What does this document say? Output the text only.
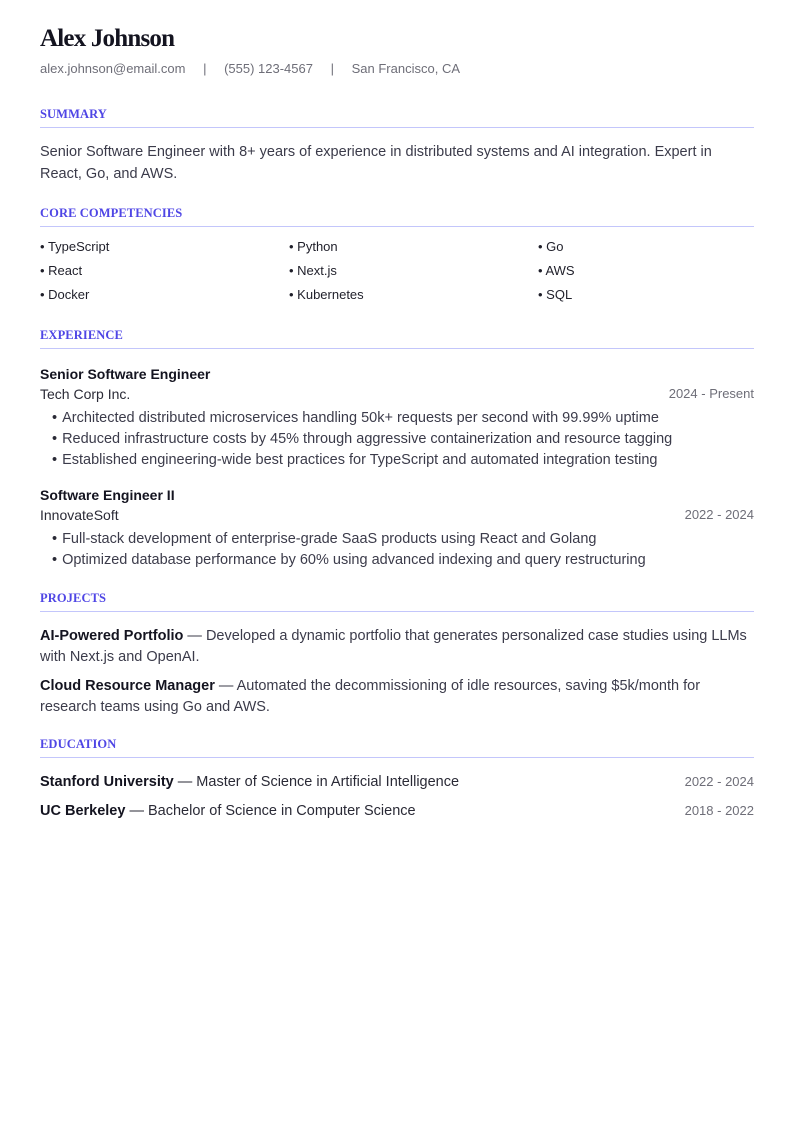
Alex Johnson
alex.johnson@email.com | (555) 123-4567 | San Francisco, CA
SUMMARY
Senior Software Engineer with 8+ years of experience in distributed systems and AI integration. Expert in React, Go, and AWS.
CORE COMPETENCIES
• TypeScript	• Python	• Go
• React	• Next.js	• AWS
• Docker	• Kubernetes	• SQL
EXPERIENCE
Senior Software Engineer
Tech Corp Inc.	2024 - Present
• Architected distributed microservices handling 50k+ requests per second with 99.99% uptime
• Reduced infrastructure costs by 45% through aggressive containerization and resource tagging
• Established engineering-wide best practices for TypeScript and automated integration testing
Software Engineer II
InnovateSoft	2022 - 2024
• Full-stack development of enterprise-grade SaaS products using React and Golang
• Optimized database performance by 60% using advanced indexing and query restructuring
PROJECTS
AI-Powered Portfolio — Developed a dynamic portfolio that generates personalized case studies using LLMs with Next.js and OpenAI.
Cloud Resource Manager — Automated the decommissioning of idle resources, saving $5k/month for research teams using Go and AWS.
EDUCATION
Stanford University — Master of Science in Artificial Intelligence	2022 - 2024
UC Berkeley — Bachelor of Science in Computer Science	2018 - 2022
